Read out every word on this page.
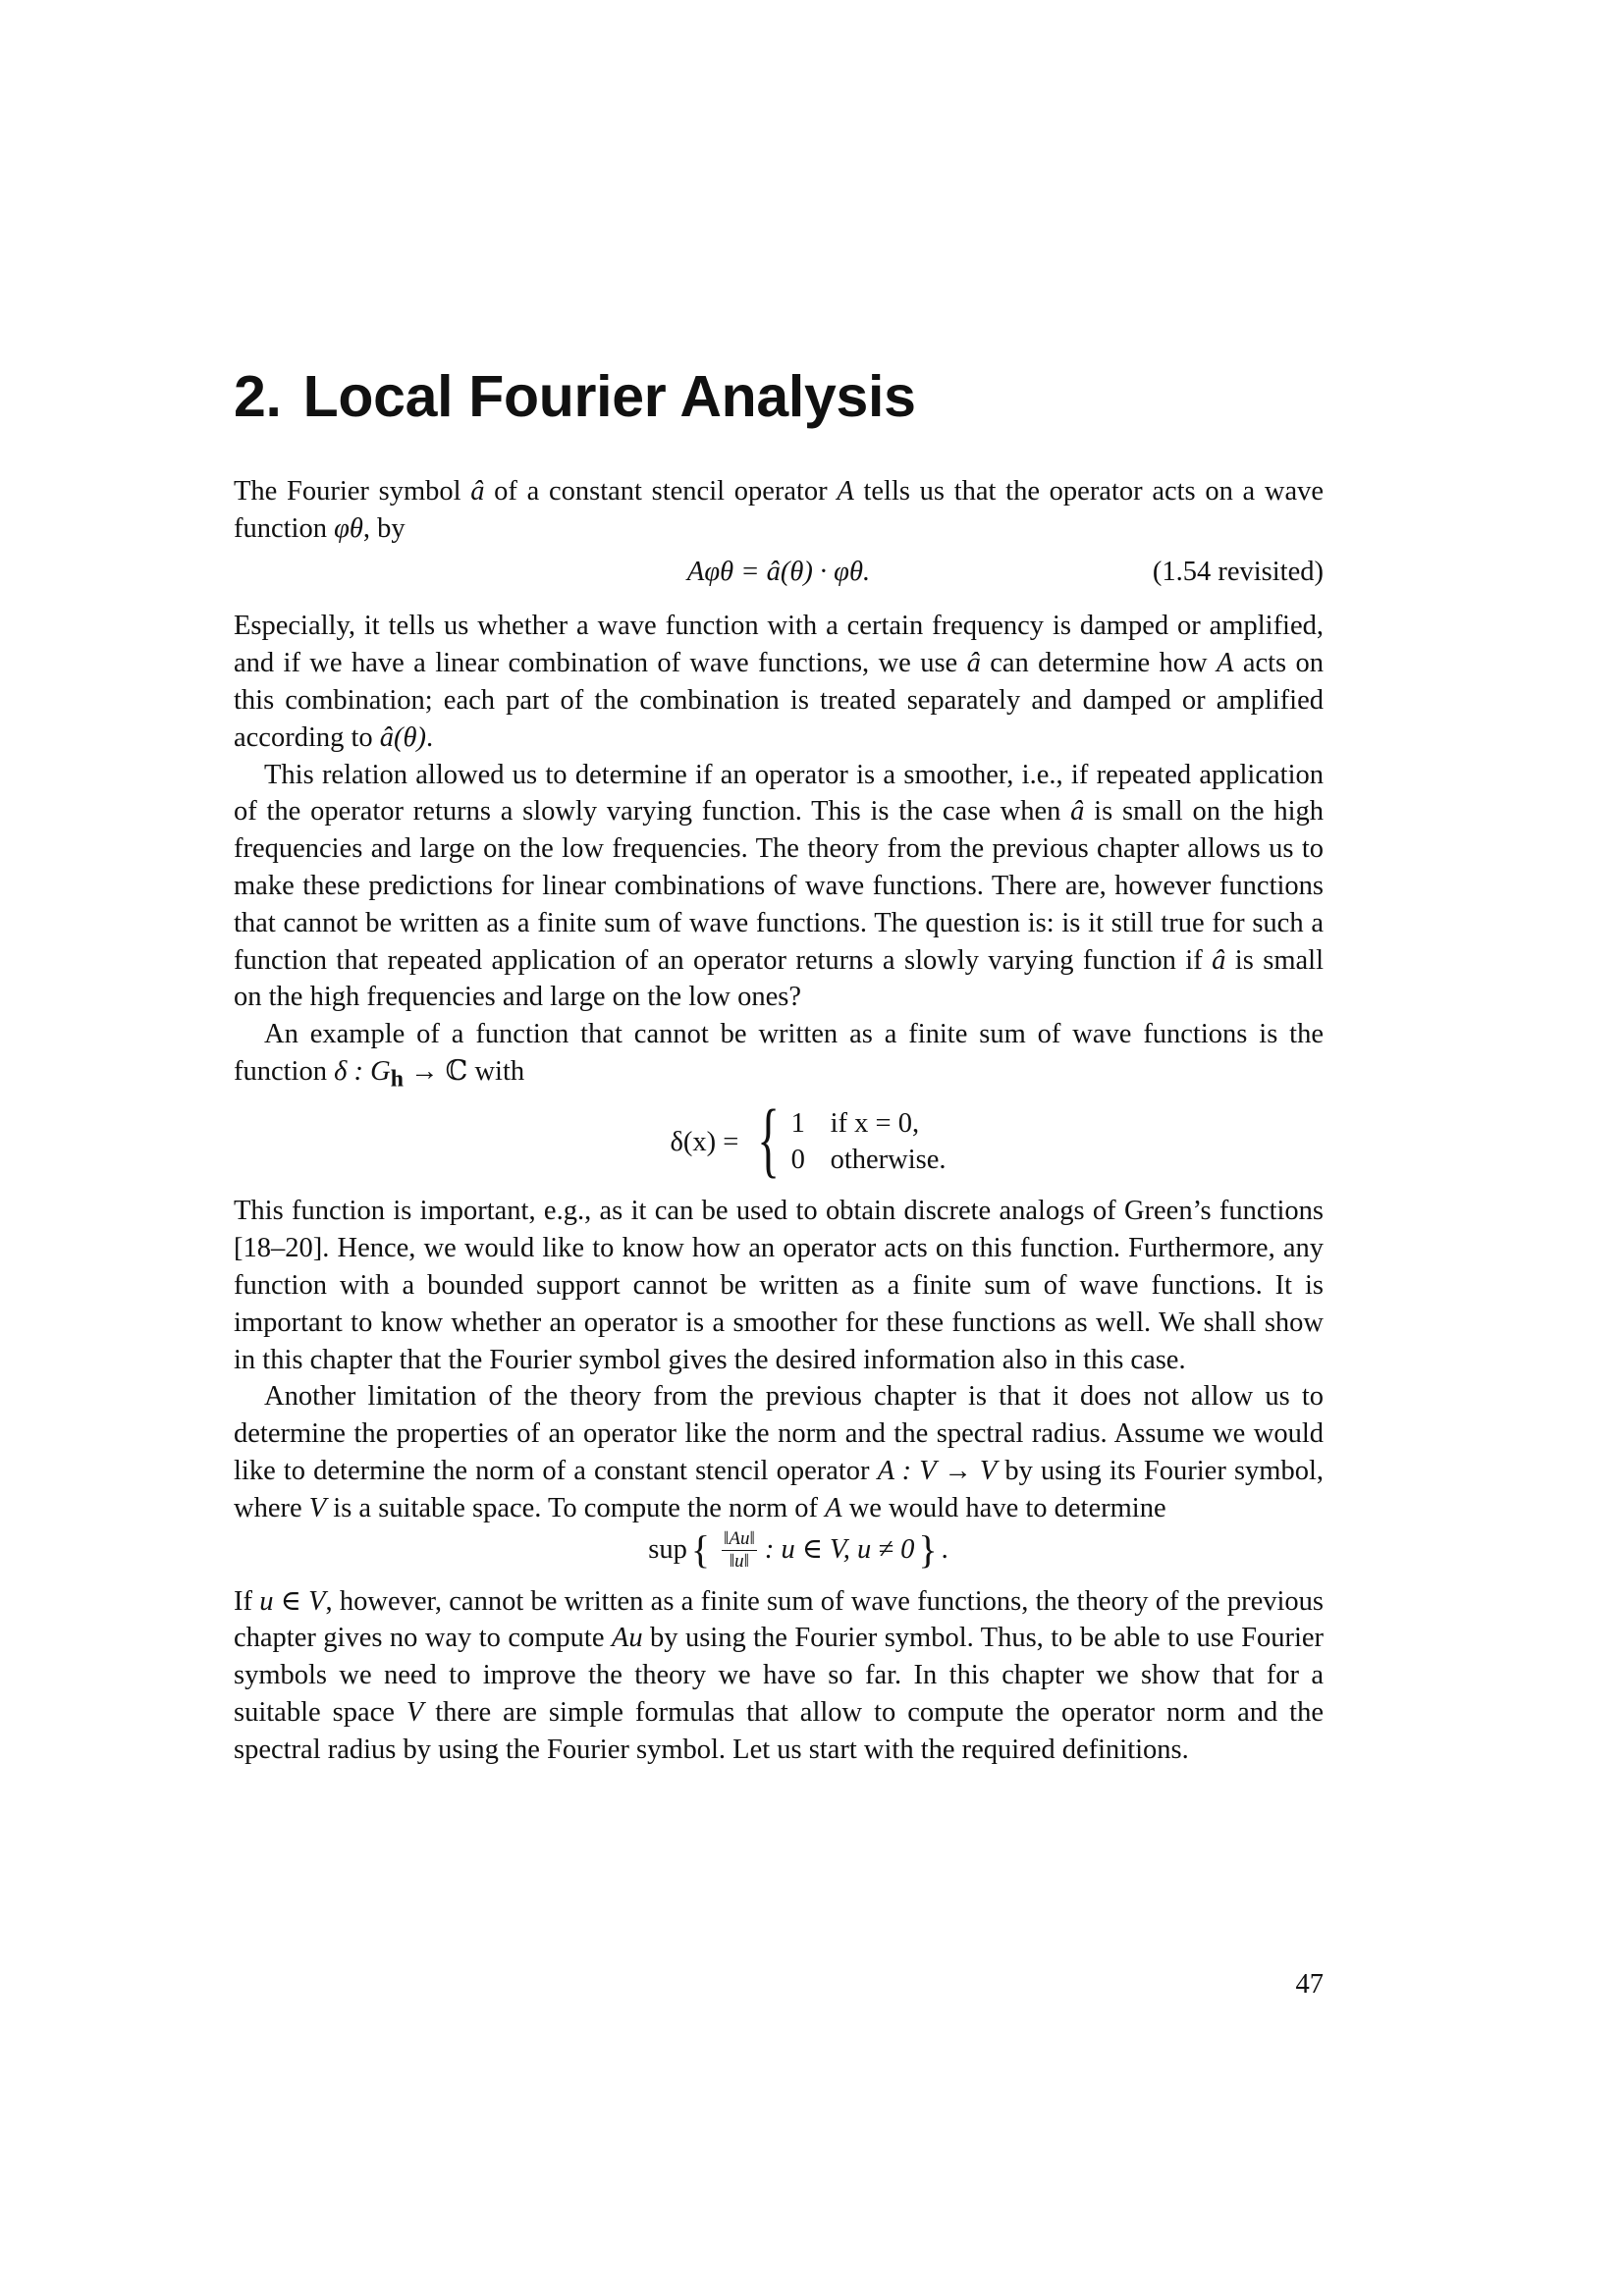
2. Local Fourier Analysis

The Fourier symbol â of a constant stencil operator A tells us that the operator acts on a wave function φθ, by

Aφθ = â(θ) · φθ.	(1.54 revisited)

Especially, it tells us whether a wave function with a certain frequency is damped or amplified, and if we have a linear combination of wave functions, we use â can determine how A acts on this combination; each part of the combination is treated separately and damped or amplified according to â(θ).

This relation allowed us to determine if an operator is a smoother, i.e., if repeated application of the operator returns a slowly varying function. This is the case when â is small on the high frequencies and large on the low frequencies. The theory from the previous chapter allows us to make these predictions for linear combinations of wave functions. There are, however functions that cannot be written as a finite sum of wave functions. The question is: is it still true for such a function that repeated application of an operator returns a slowly varying function if â is small on the high frequencies and large on the low ones?

An example of a function that cannot be written as a finite sum of wave functions is the function δ : $G_h$ → ℂ with

δ(x) = { 1 if x = 0,
0 otherwise.

This function is important, e.g., as it can be used to obtain discrete analogs of Green’s functions [18–20]. Hence, we would like to know how an operator acts on this function. Furthermore, any function with a bounded support cannot be written as a finite sum of wave functions. It is important to know whether an operator is a smoother for these functions as well. We shall show in this chapter that the Fourier symbol gives the desired information also in this case.

Another limitation of the theory from the previous chapter is that it does not allow us to determine the properties of an operator like the norm and the spectral radius. Assume we would like to determine the norm of a constant stencil operator A : V → V by using its Fourier symbol, where V is a suitable space. To compute the norm of A we would have to determine

sup { $\frac{‖Au‖}{‖u‖}$ : u ∈ V, u ≠ 0 } .

If u ∈ V, however, cannot be written as a finite sum of wave functions, the theory of the previous chapter gives no way to compute Au by using the Fourier symbol. Thus, to be able to use Fourier symbols we need to improve the theory we have so far. In this chapter we show that for a suitable space V there are simple formulas that allow to compute the operator norm and the spectral radius by using the Fourier symbol. Let us start with the required definitions.

47
